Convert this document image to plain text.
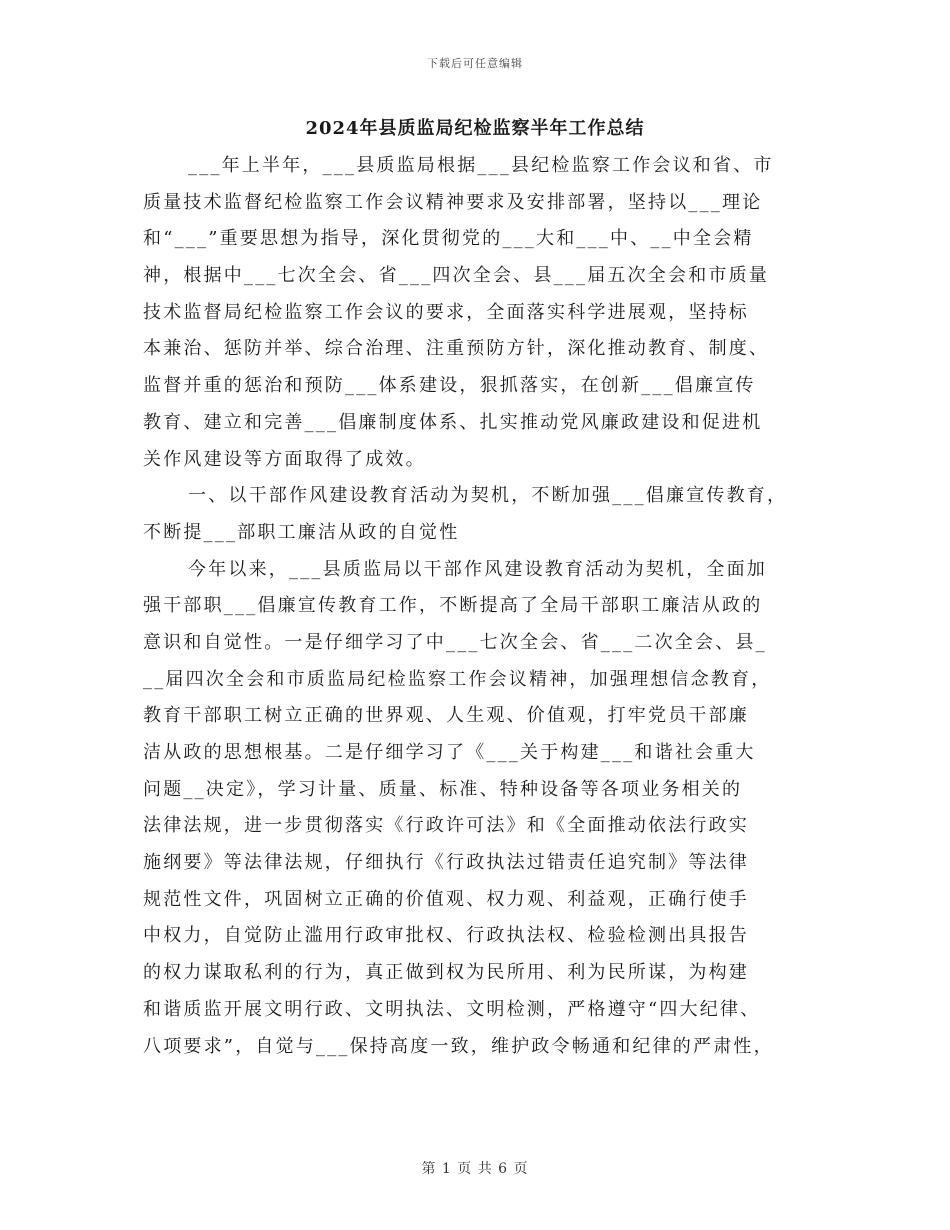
下载后可任意编辑
2024年县质监局纪检监察半年工作总结
___年上半年，___县质监局根据___县纪检监察工作会议和省、市
质量技术监督纪检监察工作会议精神要求及安排部署，坚持以___理论
和“___”重要思想为指导，深化贯彻党的___大和___中、__中全会精
神，根据中___七次全会、省___四次全会、县___届五次全会和市质量
技术监督局纪检监察工作会议的要求，全面落实科学进展观，坚持标
本兼治、惩防并举、综合治理、注重预防方针，深化推动教育、制度、
监督并重的惩治和预防___体系建设，狠抓落实，在创新___倡廉宣传
教育、建立和完善___倡廉制度体系、扎实推动党风廉政建设和促进机
关作风建设等方面取得了成效。
一、以干部作风建设教育活动为契机，不断加强___倡廉宣传教育，
不断提___部职工廉洁从政的自觉性
今年以来，___县质监局以干部作风建设教育活动为契机，全面加
强干部职___倡廉宣传教育工作，不断提高了全局干部职工廉洁从政的
意识和自觉性。一是仔细学习了中___七次全会、省___二次全会、县_
__届四次全会和市质监局纪检监察工作会议精神，加强理想信念教育，
教育干部职工树立正确的世界观、人生观、价值观，打牢党员干部廉
洁从政的思想根基。二是仔细学习了《___关于构建___和谐社会重大
问题__决定》，学习计量、质量、标准、特种设备等各项业务相关的
法律法规，进一步贯彻落实《行政许可法》和《全面推动依法行政实
施纲要》等法律法规，仔细执行《行政执法过错责任追究制》等法律
规范性文件，巩固树立正确的价值观、权力观、利益观，正确行使手
中权力，自觉防止滥用行政审批权、行政执法权、检验检测出具报告
的权力谋取私利的行为，真正做到权为民所用、利为民所谋，为构建
和谐质监开展文明行政、文明执法、文明检测，严格遵守“四大纪律、
八项要求”，自觉与___保持高度一致，维护政令畅通和纪律的严肃性，
第 1 页 共 6 页
